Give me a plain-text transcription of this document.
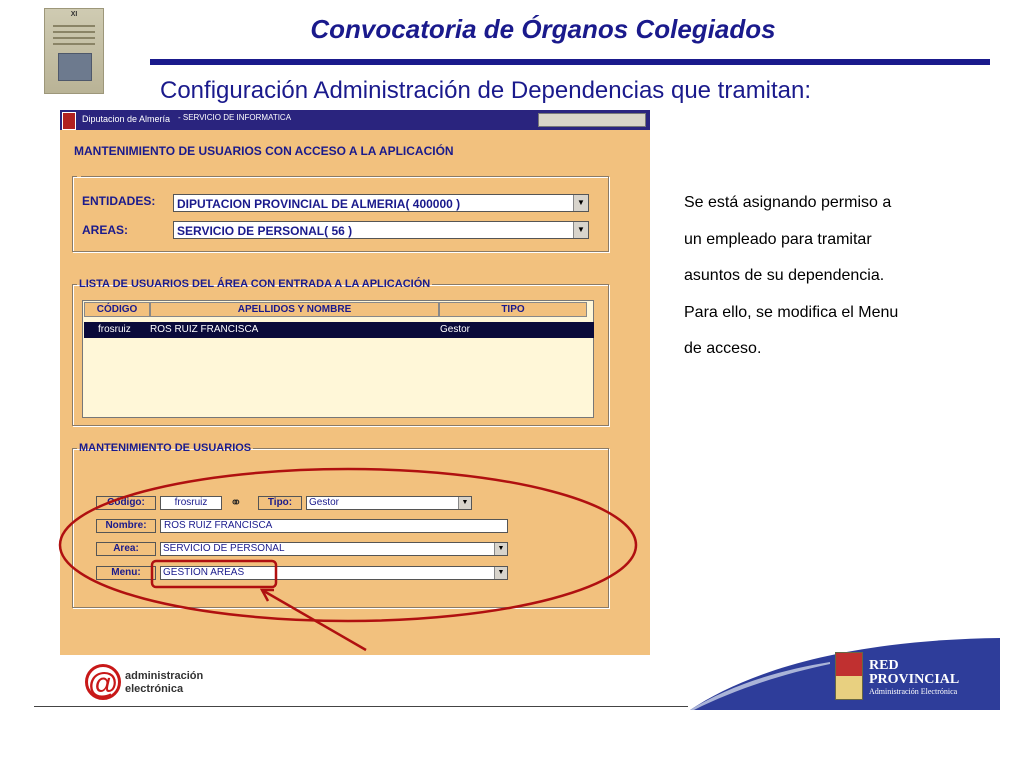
XI	Convocatoria de Órganos Colegiados
Configuración Administración de Dependencias que tramitan:
Diputacion de Almería - SERVICIO DE INFORMATICA
MANTENIMIENTO DE USUARIOS CON ACCESO A LA APLICACIÓN
ENTIDADES: DIPUTACION PROVINCIAL DE ALMERIA( 400000 )	▼
AREAS:	SERVICIO DE PERSONAL( 56 )	▼
LISTA DE USUARIOS DEL ÁREA CON ENTRADA A LA APLICACIÓN
CÓDIGO	APELLIDOS Y NOMBRE	TIPO
frosruiz ROS RUIZ FRANCISCA	Gestor
MANTENIMIENTO DE USUARIOS
Código:	frosruiz	⚭	Tipo:	Gestor	▼
Nombre:	ROS RUIZ FRANCISCA
Area:	SERVICIO DE PERSONAL	▼
Menu:	GESTION AREAS	▼
Se está asignando permiso a
un empleado para tramitar
asuntos de su dependencia.
Para ello, se modifica el Menu
de acceso.
@ administración
electrónica
RED
PROVINCIAL
Administración Electrónica
